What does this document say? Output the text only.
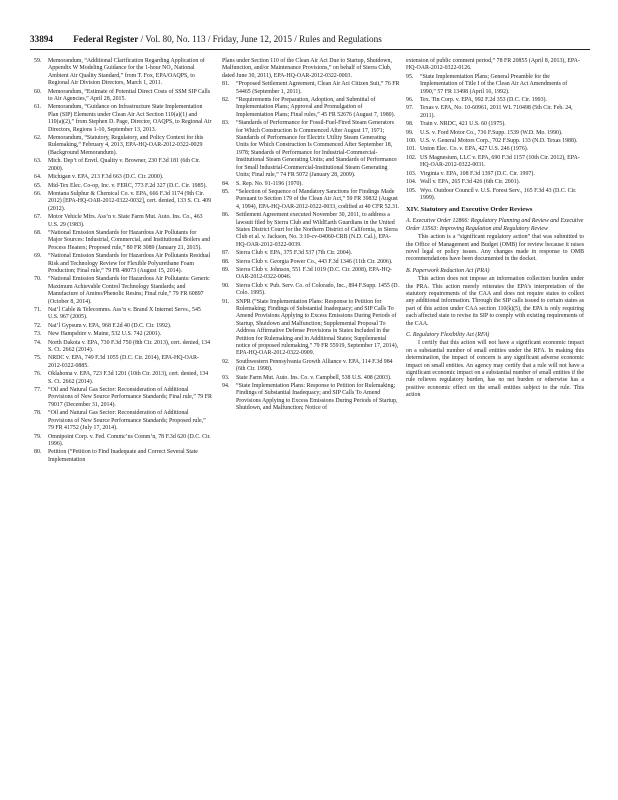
33894 Federal Register / Vol. 80, No. 113 / Friday, June 12, 2015 / Rules and Regulations
59. Memorandum, “Additional Clarification Regarding Application of Appendix W Modeling Guidance for the 1-hour NO₂ National Ambient Air Quality Standard,” from T. Fox, EPA/OAQPS, to Regional Air Division Directors, March 1, 2011.
60. Memorandum, “Estimate of Potential Direct Costs of SSM SIP Calls to Air Agencies,” April 28, 2015.
61. Memorandum, “Guidance on Infrastructure State Implementation Plan (SIP) Elements under Clean Air Act Section 110(a)(1) and 110(a)(2),” from Stephen D. Page, Director, OAQPS, to Regional Air Directors, Regions 1-10, September 13, 2013.
62. Memorandum, “Statutory, Regulatory, and Policy Context for this Rulemaking,” February 4, 2013, EPA-HQ-OAR-2012-0322-0029 (Background Memorandum).
63. Mich. Dep’t of Envtl. Quality v. Browner, 230 F.3d 181 (6th Cir. 2000).
64. Michigan v. EPA, 213 F.3d 663 (D.C. Cir. 2000).
65. Mid-Tex Elec. Co-op, Inc. v. FERC, 773 F.2d 327 (D.C. Cir. 1985).
66. Montana Sulphur & Chemical Co. v. EPA, 666 F.3d 1174 (9th Cir. 2012) [EPA-HQ-OAR-2012-0322-0032], cert. denied, 133 S. Ct. 409 (2012).
67. Motor Vehicle Mfrs. Ass’n v. State Farm Mut. Auto. Ins. Co., 463 U.S. 29 (1983).
68. “National Emission Standards for Hazardous Air Pollutants for Major Sources: Industrial, Commercial, and Institutional Boilers and Process Heaters; Proposed rule,” 80 FR 3089 (January 21, 2015).
69. “National Emission Standards for Hazardous Air Pollutants Residual Risk and Technology Review for Flexible Polyurethane Foam Production; Final rule,” 79 FR 48073 (August 15, 2014).
70. “National Emission Standards for Hazardous Air Pollutants: Generic Maximum Achievable Control Technology Standards; and Manufacture of Amino/Phenolic Resins; Final rule,” 79 FR 60897 (October 8, 2014).
71. Nat’l Cable & Telecomms. Ass’n v. Brand X Internet Servs., 545 U.S. 967 (2005).
72. Nat’l Gypsum v. EPA, 968 F.2d 40 (D.C. Cir. 1992).
73. New Hampshire v. Maine, 532 U.S. 742 (2001).
74. North Dakota v. EPA, 730 F.3d 750 (8th Cir. 2013), cert. denied, 134 S. Ct. 2662 (2014).
75. NRDC v. EPA, 749 F.3d 1055 (D.C. Cir. 2014), EPA-HQ-OAR-2012-0322-0885.
76. Oklahoma v. EPA, 723 F.3d 1201 (10th Cir. 2013), cert. denied, 134 S. Ct. 2662 (2014).
77. “Oil and Natural Gas Sector: Reconsideration of Additional Provisions of New Source Performance Standards; Final rule,” 79 FR 79017 (December 31, 2014).
78. “Oil and Natural Gas Sector: Reconsideration of Additional Provisions of New Source Performance Standards; Proposed rule,” 79 FR 41752 (July 17, 2014).
79. Omnipoint Corp. v. Fed. Commc’ns Comm’n, 78 F.3d 620 (D.C. Cir. 1996).
80. Petition (“Petition to Find Inadequate and Correct Several State Implementation
Plans under Section 110 of the Clean Air Act Due to Startup, Shutdown, Malfunction, and/or Maintenance Provisions,” on behalf of Sierra Club, dated June 30, 2011), EPA-HQ-OAR-2012-0322-0003.
81. “Proposed Settlement Agreement, Clean Air Act Citizen Suit,” 76 FR 54465 (September 1, 2011).
82. “Requirements for Preparation, Adoption, and Submittal of Implementation Plans; Approval and Promulgation of Implementation Plans; Final rules,” 45 FR 52676 (August 7, 1980).
83. “Standards of Performance for Fossil-Fuel-Fired Steam Generators for Which Construction Is Commenced After August 17, 1971; Standards of Performance for Electric Utility Steam Generating Units for Which Construction Is Commenced After September 18, 1978; Standards of Performance for Industrial-Commercial-Institutional Steam Generating Units; and Standards of Performance for Small Industrial-Commercial-Institutional Steam Generating Units; Final rule,” 74 FR 5072 (January 28, 2009).
84. S. Rep. No. 91-1196 (1970).
85. “Selection of Sequence of Mandatory Sanctions for Findings Made Pursuant to Section 179 of the Clean Air Act,” 59 FR 39832 (August 4, 1994), EPA-HQ-OAR-2012-0322-0033, codified at 40 CFR 52.31.
86. Settlement Agreement executed November 30, 2011, to address a lawsuit filed by Sierra Club and WildEarth Guardians in the United States District Court for the Northern District of California, in Sierra Club et al. v. Jackson, No. 3:10-cv-04060-CRB (N.D. Cal.), EPA-HQ-OAR-2012-0322-0039.
87. Sierra Club v. EPA, 375 F.3d 537 (7th Cir. 2004).
88. Sierra Club v. Georgia Power Co., 443 F.3d 1346 (11th Cir. 2006).
89. Sierra Club v. Johnson, 551 F.3d 1019 (D.C. Cir. 2008), EPA-HQ-OAR-2012-0322-0046.
90. Sierra Club v. Pub. Serv. Co. of Colorado, Inc., 894 F.Supp. 1455 (D. Colo. 1995).
91. SNPR (“State Implementation Plans: Response to Petition for Rulemaking; Findings of Substantial Inadequacy; and SIP Calls To Amend Provisions Applying to Excess Emissions During Periods of Startup, Shutdown and Malfunction; Supplemental Proposal To Address Affirmative Defense Provisions in States Included in the Petition for Rulemaking and in Additional States; Supplemental notice of proposed rulemaking,” 79 FR 55919, September 17, 2014), EPA-HQ-OAR-2012-0322-0909.
92. Southwestern Pennsylvania Growth Alliance v. EPA, 114 F.3d 984 (6th Cir. 1998).
93. State Farm Mut. Auto. Ins. Co. v. Campbell, 538 U.S. 408 (2003).
94. “State Implementation Plans: Response to Petition for Rulemaking; Findings of Substantial Inadequacy; and SIP Calls To Amend Provisions Applying to Excess Emissions During Periods of Startup, Shutdown, and Malfunction; Notice of
extension of public comment period,” 78 FR 20855 (April 8, 2013), EPA-HQ-OAR-2012-0322-0126.
95. “State Implementation Plans; General Preamble for the Implementation of Title I of the Clean Air Act Amendments of 1990,” 57 FR 13498 (April 16, 1992).
96. Tex. Tin Corp. v. EPA, 992 F.2d 353 (D.C. Cir. 1993).
97. Texas v. EPA, No. 10-60961, 2011 WL 710498 (5th Cir. Feb. 24, 2011).
98. Train v. NRDC, 421 U.S. 60 (1975).
99. U.S. v. Ford Motor Co., 736 F.Supp. 1539 (W.D. Mo. 1990).
100. U.S. v. General Motors Corp., 702 F.Supp. 133 (N.D. Texas 1988).
101. Union Elec. Co. v. EPA, 427 U.S. 246 (1976).
102. US Magnesium, LLC v. EPA, 690 F.3d 1157 (10th Cir. 2012), EPA-HQ-OAR-2012-0322-0031.
103. Virginia v. EPA, 108 F.3d 1397 (D.C. Cir. 1997).
104. Wall v. EPA, 265 F.3d 426 (6th Cir. 2001).
105. Wyo. Outdoor Council v. U.S. Forest Serv., 165 F.3d 43 (D.C. Cir. 1999).
XIV. Statutory and Executive Order Reviews
A. Executive Order 12866: Regulatory Planning and Review and Executive Order 13563: Improving Regulation and Regulatory Review
This action is a “significant regulatory action” that was submitted to the Office of Management and Budget (OMB) for review because it raises novel legal or policy issues. Any changes made in response to OMB recommendations have been documented in the docket.
B. Paperwork Reduction Act (PRA)
This action does not impose an information collection burden under the PRA. This action merely reiterates the EPA’s interpretation of the statutory requirements of the CAA and does not require states to collect any additional information. Through the SIP calls issued to certain states as part of this action under CAA section 110(k)(5), the EPA is only requiring each affected state to revise its SIP to comply with existing requirements of the CAA.
C. Regulatory Flexibility Act (RFA)
I certify that this action will not have a significant economic impact on a substantial number of small entities under the RFA. In making this determination, the impact of concern is any significant adverse economic impact on small entities. An agency may certify that a rule will not have a significant economic impact on a substantial number of small entities if the rule relieves regulatory burden, has no net burden or otherwise has a positive economic effect on the small entities subject to the rule. This action
